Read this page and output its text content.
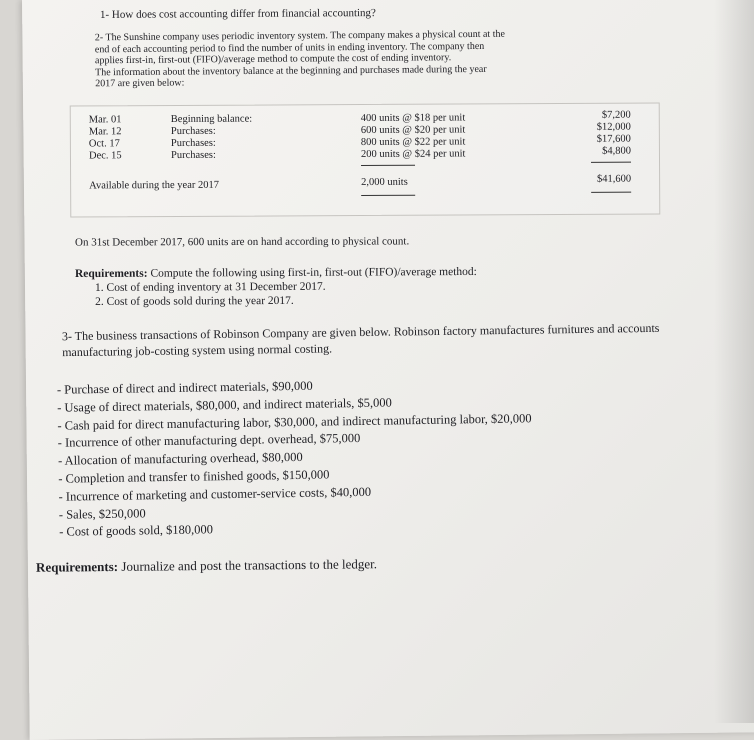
1- How does cost accounting differ from financial accounting?

2- The Sunshine company uses periodic inventory system. The company makes a physical count at the

end of each accounting period to find the number of units in ending inventory. The company then

applies first-in, first-out (FIFO)/average method to compute the cost of ending inventory.

The information about the inventory balance at the beginning and purchases made during the year

2017 are given below:

Mar. 01	Beginning balance:	400 units @ $18 per unit	$7,200
Mar. 12	Purchases:	600 units @ $20 per unit	$12,000
Oct. 17	Purchases:	800 units @ $22 per unit	$17,600
Dec. 15	Purchases:	200 units @ $24 per unit	$4,800
Available during the year 2017	2,000 units	$41,600
On 31st December 2017, 600 units are on hand according to physical count.
Requirements: Compute the following using first-in, first-out (FIFO)/average method:
1. Cost of ending inventory at 31 December 2017.
2. Cost of goods sold during the year 2017.
3- The business transactions of Robinson Company are given below. Robinson factory manufactures furnitures and accounts manufacturing job-costing system using normal costing.
- Purchase of direct and indirect materials, $90,000
- Usage of direct materials, $80,000, and indirect materials, $5,000
- Cash paid for direct manufacturing labor, $30,000, and indirect manufacturing labor, $20,000
- Incurrence of other manufacturing dept. overhead, $75,000
- Allocation of manufacturing overhead, $80,000
- Completion and transfer to finished goods, $150,000
- Incurrence of marketing and customer-service costs, $40,000
- Sales, $250,000
- Cost of goods sold, $180,000
Requirements: Journalize and post the transactions to the ledger.
